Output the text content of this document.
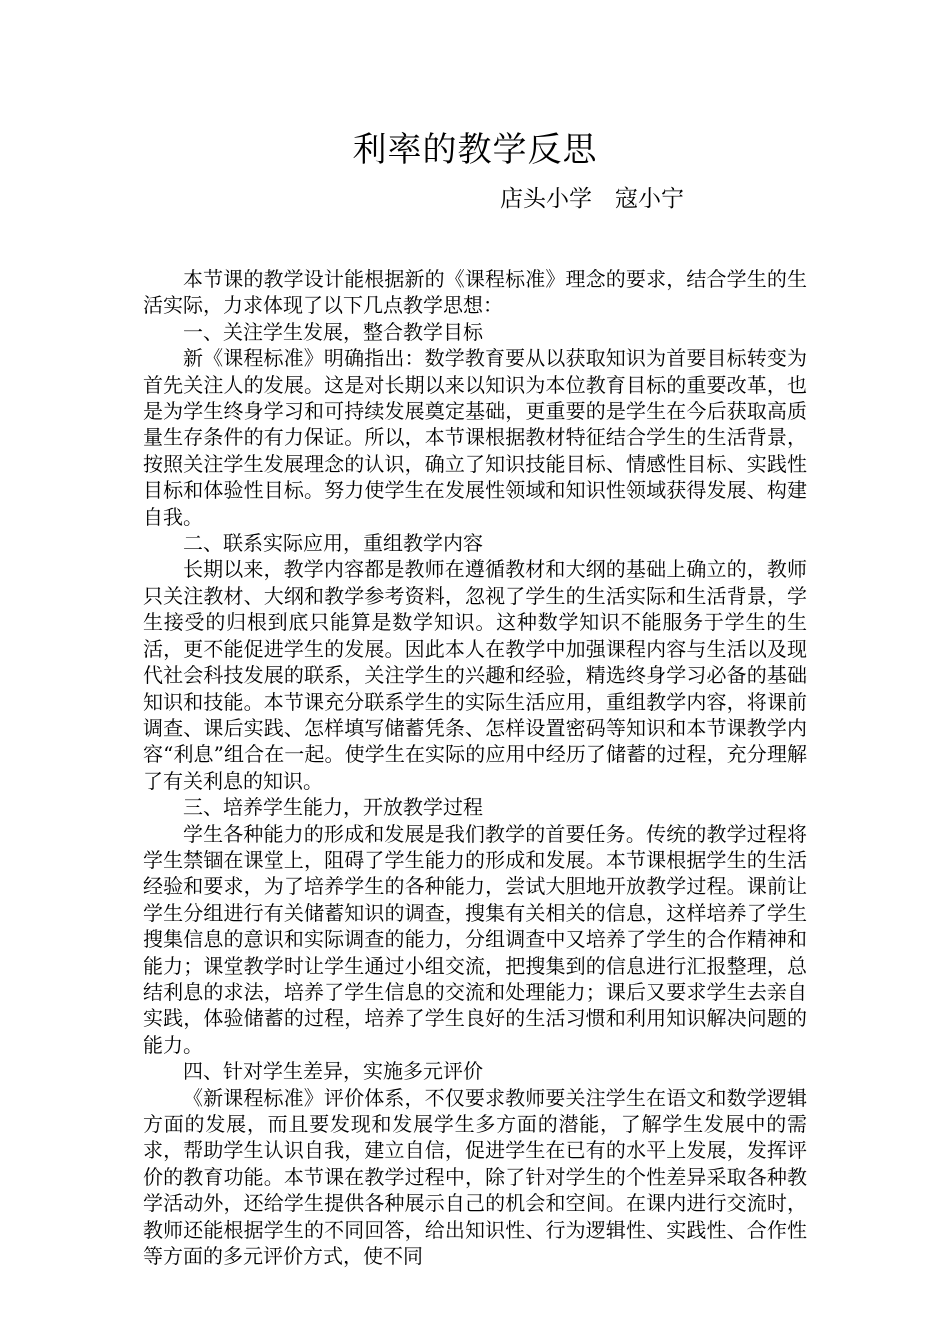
利率的教学反思
店头小学　寇小宁

本节课的教学设计能根据新的《课程标准》理念的要求，结合学生的生活实际，力求体现了以下几点教学思想：

一、关注学生发展，整合教学目标

新《课程标准》明确指出：数学教育要从以获取知识为首要目标转变为首先关注人的发展。这是对长期以来以知识为本位教育目标的重要改革，也是为学生终身学习和可持续发展奠定基础，更重要的是学生在今后获取高质量生存条件的有力保证。所以，本节课根据教材特征结合学生的生活背景，按照关注学生发展理念的认识，确立了知识技能目标、情感性目标、实践性目标和体验性目标。努力使学生在发展性领域和知识性领域获得发展、构建自我。

二、联系实际应用，重组教学内容

长期以来，教学内容都是教师在遵循教材和大纲的基础上确立的，教师只关注教材、大纲和教学参考资料，忽视了学生的生活实际和生活背景，学生接受的归根到底只能算是数学知识。这种数学知识不能服务于学生的生活，更不能促进学生的发展。因此本人在教学中加强课程内容与生活以及现代社会科技发展的联系，关注学生的兴趣和经验，精选终身学习必备的基础知识和技能。本节课充分联系学生的实际生活应用，重组教学内容，将课前调查、课后实践、怎样填写储蓄凭条、怎样设置密码等知识和本节课教学内容“利息”组合在一起。使学生在实际的应用中经历了储蓄的过程，充分理解了有关利息的知识。

三、培养学生能力，开放教学过程

学生各种能力的形成和发展是我们教学的首要任务。传统的教学过程将学生禁锢在课堂上，阻碍了学生能力的形成和发展。本节课根据学生的生活经验和要求，为了培养学生的各种能力，尝试大胆地开放教学过程。课前让学生分组进行有关储蓄知识的调查，搜集有关相关的信息，这样培养了学生搜集信息的意识和实际调查的能力，分组调查中又培养了学生的合作精神和能力；课堂教学时让学生通过小组交流，把搜集到的信息进行汇报整理，总结利息的求法，培养了学生信息的交流和处理能力；课后又要求学生去亲自实践，体验储蓄的过程，培养了学生良好的生活习惯和利用知识解决问题的能力。

四、针对学生差异，实施多元评价

《新课程标准》评价体系，不仅要求教师要关注学生在语文和数学逻辑方面的发展，而且要发现和发展学生多方面的潜能，了解学生发展中的需求，帮助学生认识自我，建立自信，促进学生在已有的水平上发展，发挥评价的教育功能。本节课在教学过程中，除了针对学生的个性差异采取各种教学活动外，还给学生提供各种展示自己的机会和空间。在课内进行交流时，教师还能根据学生的不同回答，给出知识性、行为逻辑性、实践性、合作性等方面的多元评价方式，使不同
